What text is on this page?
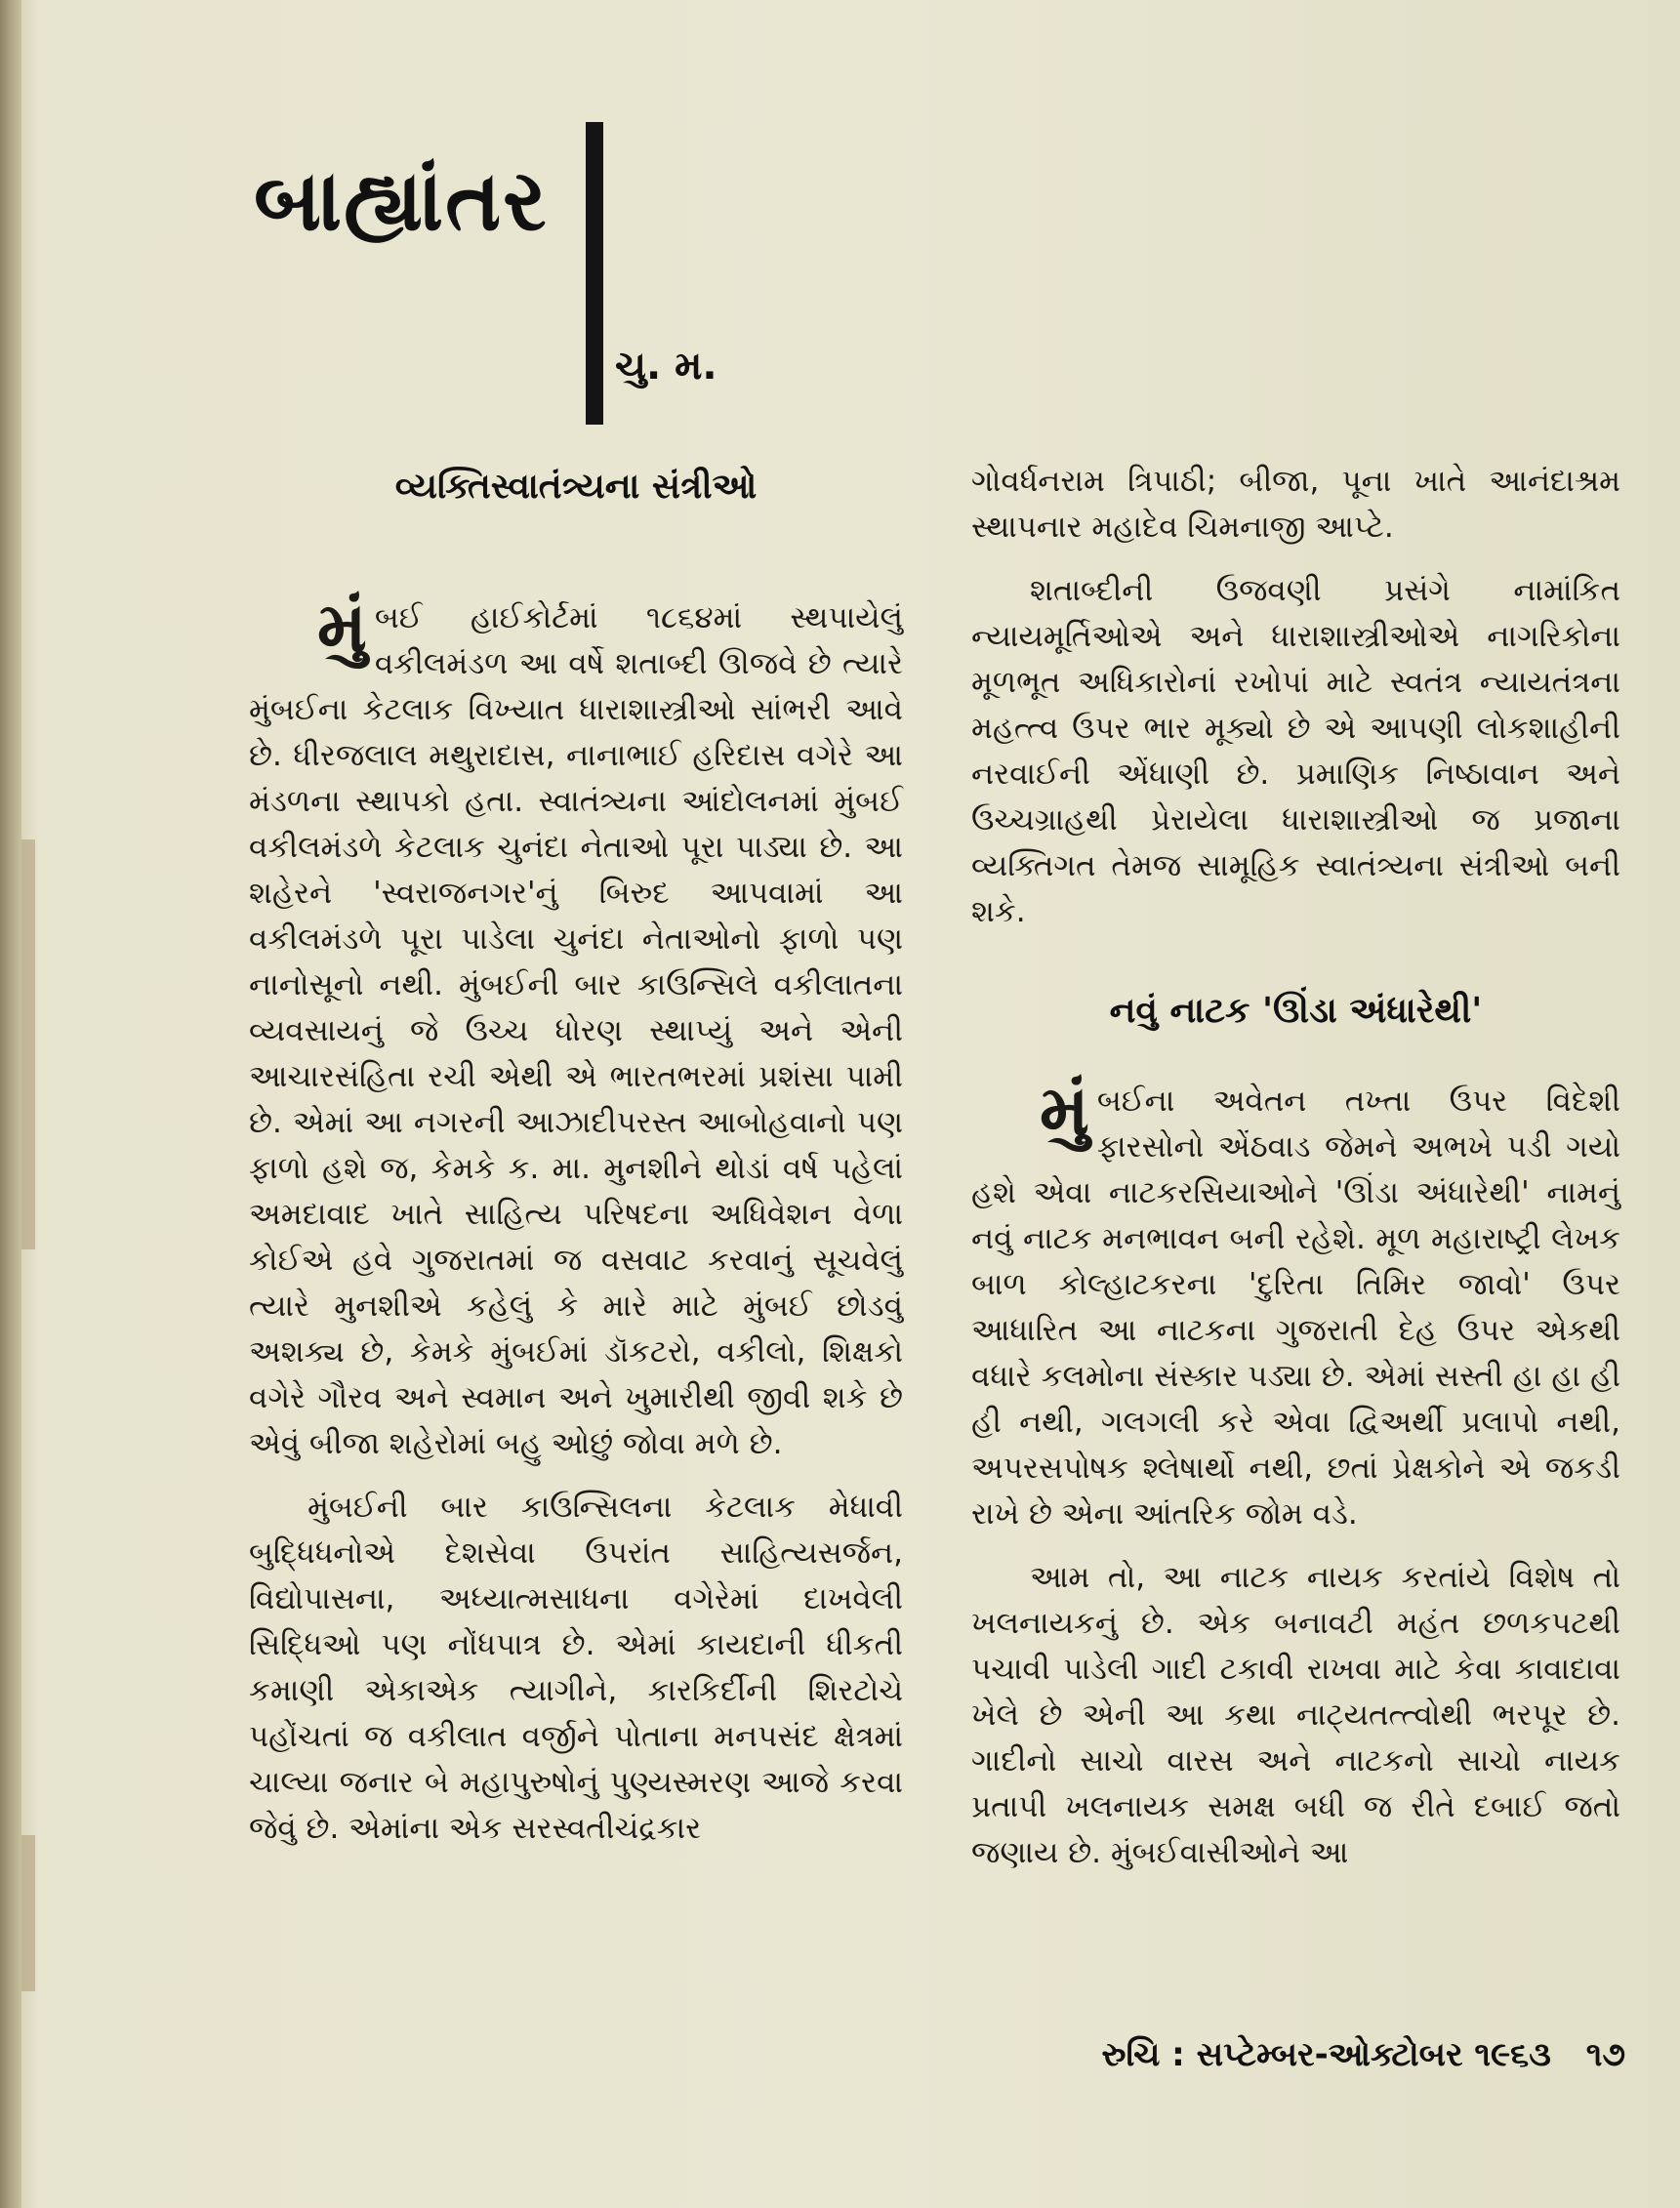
બાહ્યાંતર
ચુ. મ.
વ્યક્તિસ્વાતંત્ર્યના સંત્રીઓ

મુંબઈ હાઈકોર્ટમાં ૧૮૬૪માં સ્થપાયેલું વકીલમંડળ આ વર્ષે શતાબ્દી ઊજવે છે ત્યારે મુંબઈના કેટલાક વિખ્યાત ધારાશાસ્ત્રીઓ સાંભરી આવે છે. ધીરજલાલ મથુરાદાસ, નાનાભાઈ હરિદાસ વગેરે આ મંડળના સ્થાપકો હતા. સ્વાતંત્ર્યના આંદોલનમાં મુંબઈ વકીલમંડળે કેટલાક ચુનંદા નેતાઓ પૂરા પાડ્યા છે. આ શહેરને 'સ્વરાજનગર'નું બિરુદ આપવામાં આ વકીલમંડળે પૂરા પાડેલા ચુનંદા નેતાઓનો ફાળો પણ નાનોસૂનો નથી. મુંબઈની બાર કાઉન્સિલે વકીલાતના વ્યવસાયનું જે ઉચ્ચ ધોરણ સ્થાપ્યું અને એની આચારસંહિતા રચી એથી એ ભારતભરમાં પ્રશંસા પામી છે. એમાં આ નગરની આઝાદીપરસ્ત આબોહવાનો પણ ફાળો હશે જ, કેમકે ક. મા. મુનશીને થોડાં વર્ષ પહેલાં અમદાવાદ ખાતે સાહિત્ય પરિષદના અધિવેશન વેળા કોઈએ હવે ગુજરાતમાં જ વસવાટ કરવાનું સૂચવેલું ત્યારે મુનશીએ કહેલું કે મારે માટે મુંબઈ છોડવું અશક્ય છે, કેમકે મુંબઈમાં ડૉકટરો, વકીલો, શિક્ષકો વગેરે ગૌરવ અને સ્વમાન અને ખુમારીથી જીવી શકે છે એવું બીજા શહેરોમાં બહુ ઓછું જોવા મળે છે.

મુંબઈની બાર કાઉન્સિલના કેટલાક મેધાવી બુદ્ધિધનોએ દેશસેવા ઉપરાંત સાહિત્યસર્જન, વિદ્યોપાસના, અધ્યાત્મસાધના વગેરેમાં દાખવેલી સિદ્ધિઓ પણ નોંધપાત્ર છે. એમાં કાયદાની ધીકતી કમાણી એકાએક ત્યાગીને, કારકિર્દીની શિરટોચે પહોંચતાં જ વકીલાત વર્જીને પોતાના મનપસંદ ક્ષેત્રમાં ચાલ્યા જનાર બે મહાપુરુષોનું પુણ્યસ્મરણ આજે કરવા જેવું છે. એમાંના એક સરસ્વતીચંદ્રકાર

ગોવર્ધનરામ ત્રિપાઠી; બીજા, પૂના ખાતે આનંદાશ્રમ સ્થાપનાર મહાદેવ ચિમનાજી આપ્ટે.

શતાબ્દીની ઉજવણી પ્રસંગે નામાંકિત ન્યાયમૂર્તિઓએ અને ધારાશાસ્ત્રીઓએ નાગરિકોના મૂળભૂત અધિકારોનાં રખોપાં માટે સ્વતંત્ર ન્યાયતંત્રના મહત્ત્વ ઉપર ભાર મૂક્યો છે એ આપણી લોકશાહીની નરવાઈની એંધાણી છે. પ્રમાણિક નિષ્ઠાવાન અને ઉચ્ચગ્રાહથી પ્રેરાયેલા ધારાશાસ્ત્રીઓ જ પ્રજાના વ્યક્તિગત તેમજ સામૂહિક સ્વાતંત્ર્યના સંત્રીઓ બની શકે.

નવું નાટક 'ઊંડા અંધારેથી'

મુંબઈના અવેતન તખ્તા ઉપર વિદેશી ફારસોનો એંઠવાડ જેમને અભખે પડી ગયો હશે એવા નાટકરસિયાઓને 'ઊંડા અંધારેથી' નામનું નવું નાટક મનભાવન બની રહેશે. મૂળ મહારાષ્ટ્રી લેખક બાળ કોલ્હાટકરના 'દુરિતા તિમિર જાવો' ઉપર આધારિત આ નાટકના ગુજરાતી દેહ ઉપર એકથી વધારે કલમોના સંસ્કાર પડ્યા છે. એમાં સસ્તી હા હા હી હી નથી, ગલગલી કરે એવા દ્વિઅર્થી પ્રલાપો નથી, અપરસપોષક શ્લેષાર્થો નથી, છતાં પ્રેક્ષકોને એ જકડી રાખે છે એના આંતરિક જોમ વડે.

આમ તો, આ નાટક નાયક કરતાંયે વિશેષ તો ખલનાયકનું છે. એક બનાવટી મહંત છળકપટથી પચાવી પાડેલી ગાદી ટકાવી રાખવા માટે કેવા કાવાદાવા ખેલે છે એની આ કથા નાટ્યતત્ત્વોથી ભરપૂર છે. ગાદીનો સાચો વારસ અને નાટકનો સાચો નાયક પ્રતાપી ખલનાયક સમક્ષ બધી જ રીતે દબાઈ જતો જણાય છે. મુંબઈવાસીઓને આ

રુચિ : સપ્ટેમ્બર-ઓક્ટોબર ૧૯૬૩ ૧૭
